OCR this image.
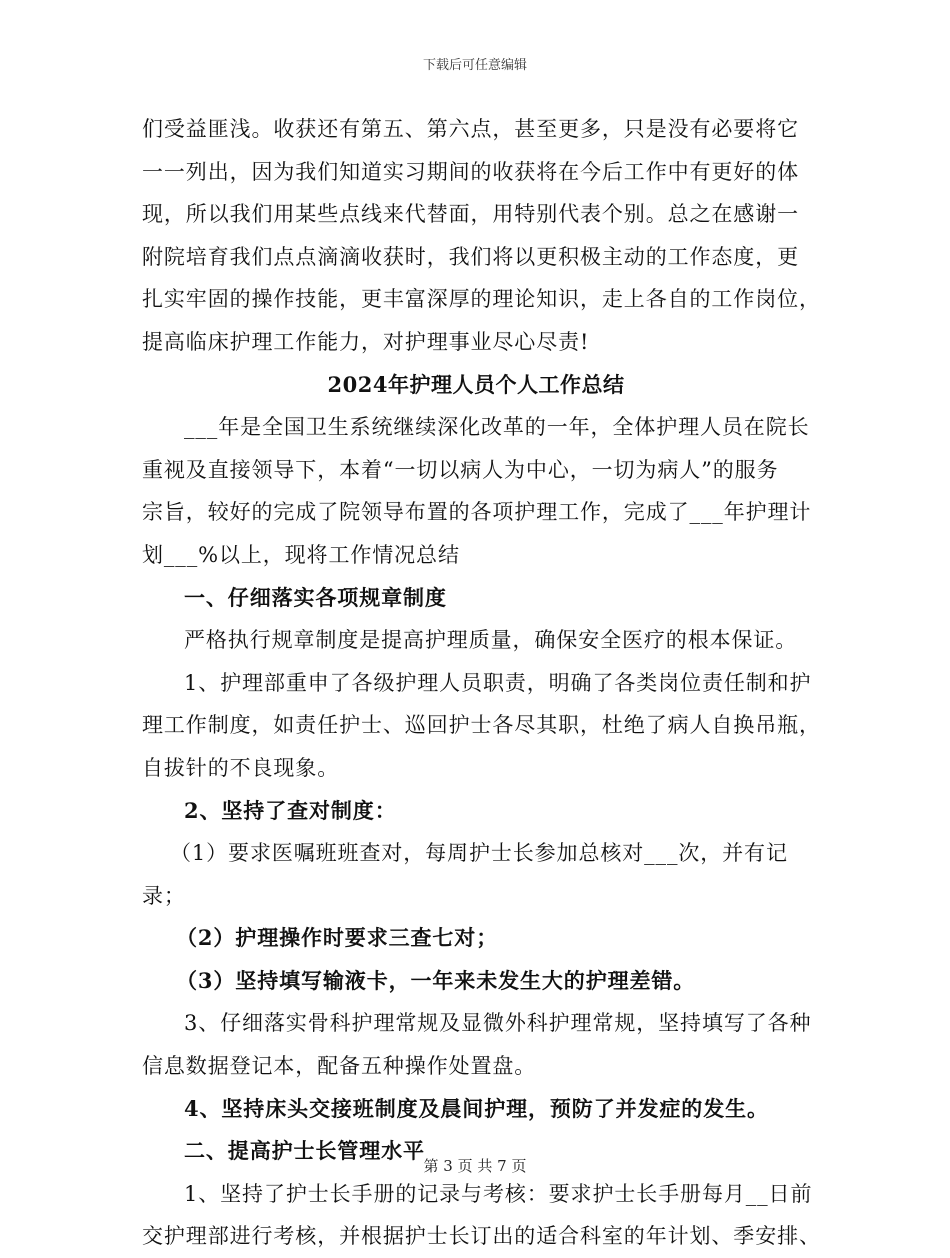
下载后可任意编辑
们受益匪浅。收获还有第五、第六点，甚至更多，只是没有必要将它
一一列出，因为我们知道实习期间的收获将在今后工作中有更好的体
现，所以我们用某些点线来代替面，用特别代表个别。总之在感谢一
附院培育我们点点滴滴收获时，我们将以更积极主动的工作态度，更
扎实牢固的操作技能，更丰富深厚的理论知识，走上各自的工作岗位，
提高临床护理工作能力，对护理事业尽心尽责!
2024年护理人员个人工作总结
___年是全国卫生系统继续深化改革的一年，全体护理人员在院长
重视及直接领导下，本着“一切以病人为中心，一切为病人”的服务
宗旨，较好的完成了院领导布置的各项护理工作，完成了___年护理计
划___%以上，现将工作情况总结
一、仔细落实各项规章制度
严格执行规章制度是提高护理质量，确保安全医疗的根本保证。
1、护理部重申了各级护理人员职责，明确了各类岗位责任制和护
理工作制度，如责任护士、巡回护士各尽其职，杜绝了病人自换吊瓶，
自拔针的不良现象。
2、坚持了查对制度：
（1）要求医嘱班班查对，每周护士长参加总核对___次，并有记
录；
（2）护理操作时要求三查七对；
（3）坚持填写输液卡，一年来未发生大的护理差错。
3、仔细落实骨科护理常规及显微外科护理常规，坚持填写了各种
信息数据登记本，配备五种操作处置盘。
4、坚持床头交接班制度及晨间护理，预防了并发症的发生。
二、提高护士长管理水平
1、坚持了护士长手册的记录与考核：要求护士长手册每月__日前
交护理部进行考核，并根据护士长订出的适合科室的年计划、季安排、
第 3 页 共 7 页
